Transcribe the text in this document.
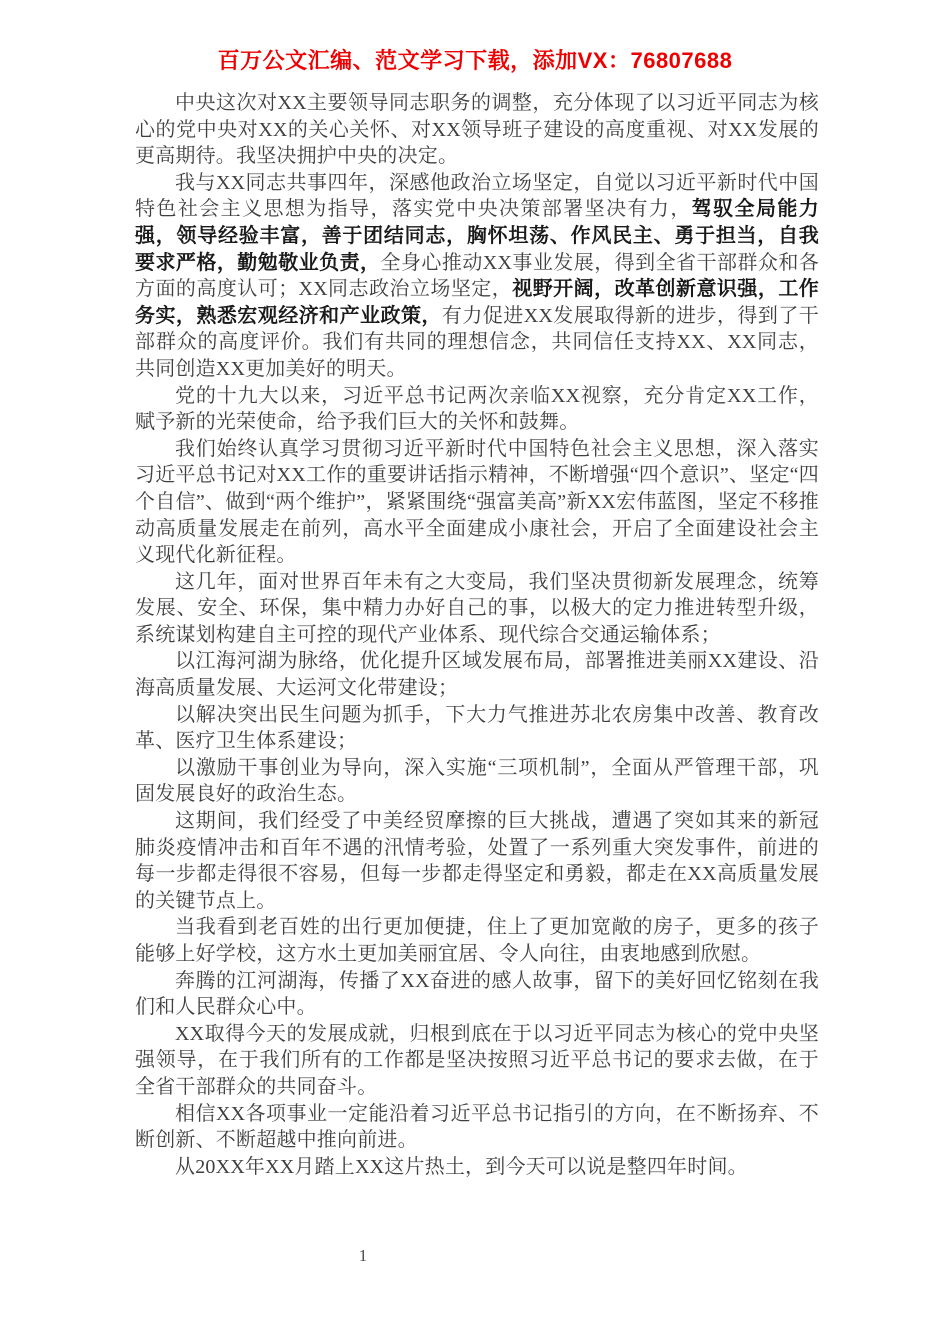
百万公文汇编、范文学习下载，添加VX：76807688

中央这次对XX主要领导同志职务的调整，充分体现了以习近平同志为核心的党中央对XX的关心关怀、对XX领导班子建设的高度重视、对XX发展的更高期待。我坚决拥护中央的决定。

我与XX同志共事四年，深感他政治立场坚定，自觉以习近平新时代中国特色社会主义思想为指导，落实党中央决策部署坚决有力，驾驭全局能力强，领导经验丰富，善于团结同志，胸怀坦荡、作风民主、勇于担当，自我要求严格，勤勉敬业负责，全身心推动XX事业发展，得到全省干部群众和各方面的高度认可；XX同志政治立场坚定，视野开阔，改革创新意识强，工作务实，熟悉宏观经济和产业政策，有力促进XX发展取得新的进步，得到了干部群众的高度评价。我们有共同的理想信念，共同信任支持XX、XX同志，共同创造XX更加美好的明天。

党的十九大以来，习近平总书记两次亲临XX视察，充分肯定XX工作，赋予新的光荣使命，给予我们巨大的关怀和鼓舞。

我们始终认真学习贯彻习近平新时代中国特色社会主义思想，深入落实习近平总书记对XX工作的重要讲话指示精神，不断增强“四个意识”、坚定“四个自信”、做到“两个维护”，紧紧围绕“强富美高”新XX宏伟蓝图，坚定不移推动高质量发展走在前列，高水平全面建成小康社会，开启了全面建设社会主义现代化新征程。

这几年，面对世界百年未有之大变局，我们坚决贯彻新发展理念，统筹发展、安全、环保，集中精力办好自己的事，以极大的定力推进转型升级，系统谋划构建自主可控的现代产业体系、现代综合交通运输体系；

以江海河湖为脉络，优化提升区域发展布局，部署推进美丽XX建设、沿海高质量发展、大运河文化带建设；

以解决突出民生问题为抓手，下大力气推进苏北农房集中改善、教育改革、医疗卫生体系建设；

以激励干事创业为导向，深入实施“三项机制”，全面从严管理干部，巩固发展良好的政治生态。

这期间，我们经受了中美经贸摩擦的巨大挑战，遭遇了突如其来的新冠肺炎疫情冲击和百年不遇的汛情考验，处置了一系列重大突发事件，前进的每一步都走得很不容易，但每一步都走得坚定和勇毅，都走在XX高质量发展的关键节点上。

当我看到老百姓的出行更加便捷，住上了更加宽敞的房子，更多的孩子能够上好学校，这方水土更加美丽宜居、令人向往，由衷地感到欣慰。

奔腾的江河湖海，传播了XX奋进的感人故事，留下的美好回忆铭刻在我们和人民群众心中。

XX取得今天的发展成就，归根到底在于以习近平同志为核心的党中央坚强领导，在于我们所有的工作都是坚决按照习近平总书记的要求去做，在于全省干部群众的共同奋斗。

相信XX各项事业一定能沿着习近平总书记指引的方向，在不断扬弃、不断创新、不断超越中推向前进。

从20XX年XX月踏上XX这片热土，到今天可以说是整四年时间。

1
